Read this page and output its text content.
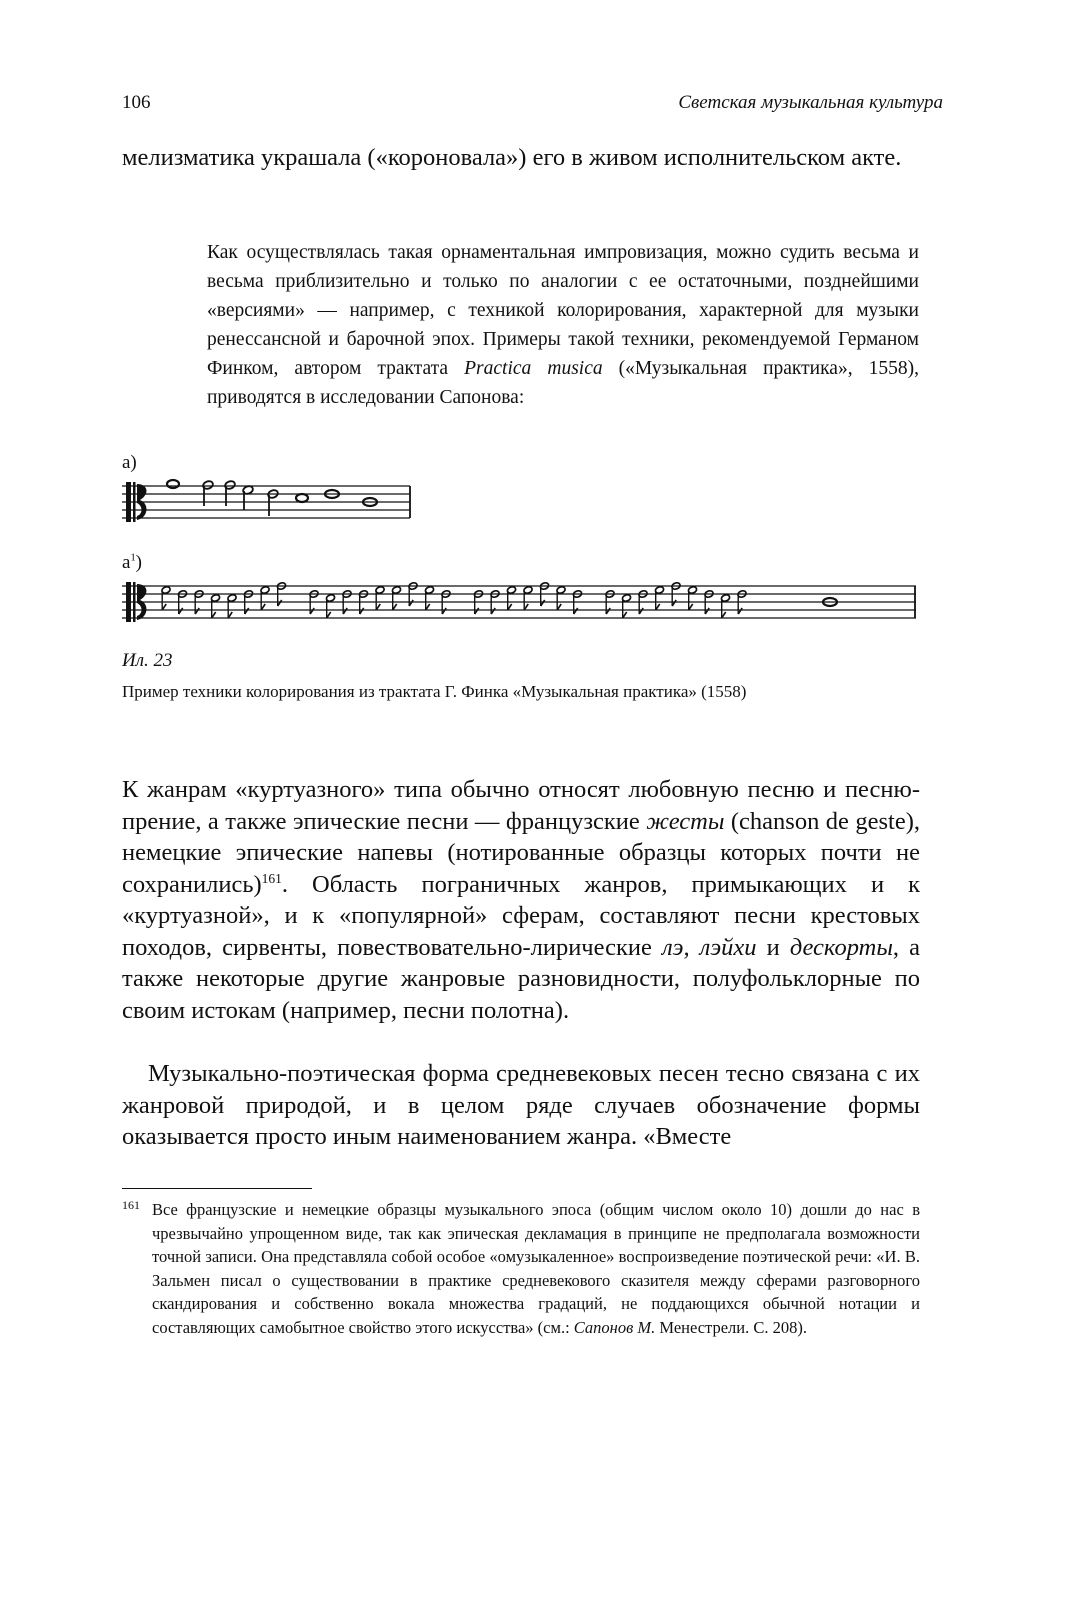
106	Светская музыкальная культура

мелизматика украшала («короновала») его в живом исполнительском акте.

Как осуществлялась такая орнаментальная импровизация, можно судить весьма и весьма приблизительно и только по аналогии с ее остаточными, позднейшими «версиями» — например, с техникой колорирования, характерной для музыки ренессансной и барочной эпох. Примеры такой техники, рекомендуемой Германом Финком, автором трактата Practica musica («Музыкальная практика», 1558), приводятся в исследовании Сапонова:

a)
$a^1$)
Ил. 23
Пример техники колорирования из трактата Г. Финка «Музыкальная практика» (1558)

К жанрам «куртуазного» типа обычно относят любовную песню и песню-прение, а также эпические песни — французские жесты (chanson de geste), немецкие эпические напевы (нотированные образцы которых почти не сохранились)$^{161}$. Область пограничных жанров, примыкающих и к «куртуазной», и к «популярной» сферам, составляют песни крестовых походов, сирвенты, повествовательно-лирические лэ, лэйхи и дескорты, а также некоторые другие жанровые разновидности, полуфольклорные по своим истокам (например, песни полотна).

Музыкально-поэтическая форма средневековых песен тесно связана с их жанровой природой, и в целом ряде случаев обозначение формы оказывается просто иным наименованием жанра. «Вместе

161 Все французские и немецкие образцы музыкального эпоса (общим числом около 10) дошли до нас в чрезвычайно упрощенном виде, так как эпическая декламация в принципе не предполагала возможности точной записи. Она представляла собой особое «омузыкаленное» воспроизведение поэтической речи: «И. В. Зальмен писал о существовании в практике средневекового сказителя между сферами разговорного скандирования и собственно вокала множества градаций, не поддающихся обычной нотации и составляющих самобытное свойство этого искусства» (см.: Сапонов М. Менестрели. С. 208).
